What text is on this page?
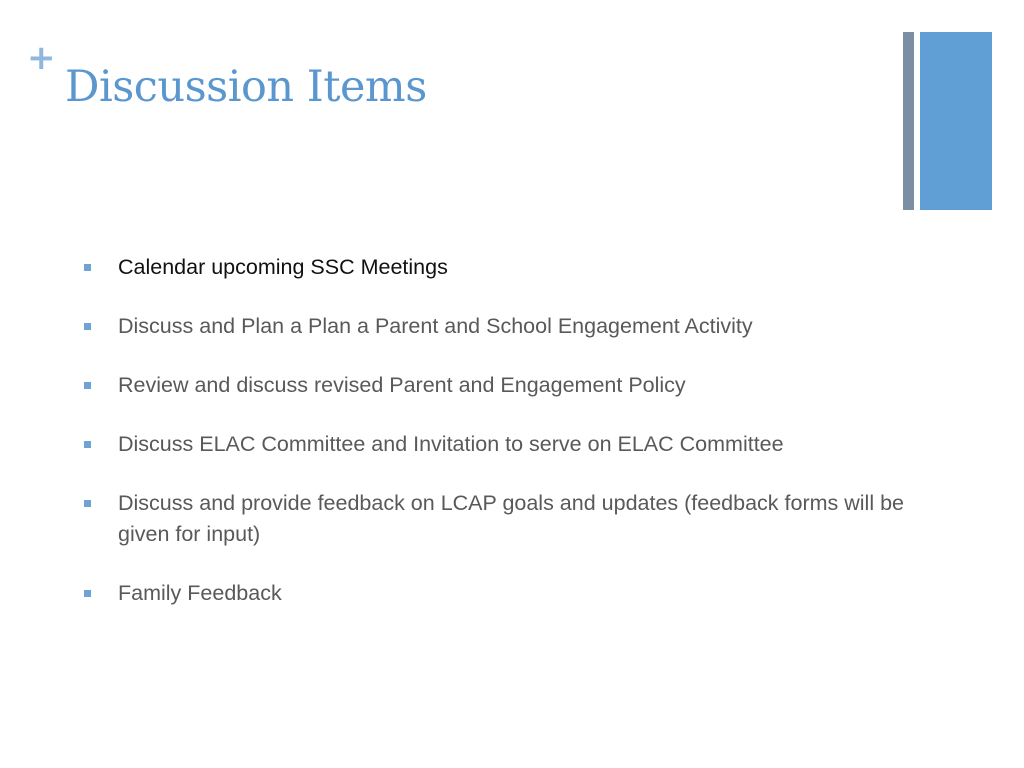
+
Discussion Items
Calendar upcoming SSC Meetings
Discuss and Plan a Plan a Parent and School Engagement Activity
Review and discuss revised Parent and Engagement Policy
Discuss ELAC Committee and Invitation to serve on ELAC Committee
Discuss and provide feedback on LCAP goals and updates (feedback forms will be given for input)
Family Feedback
